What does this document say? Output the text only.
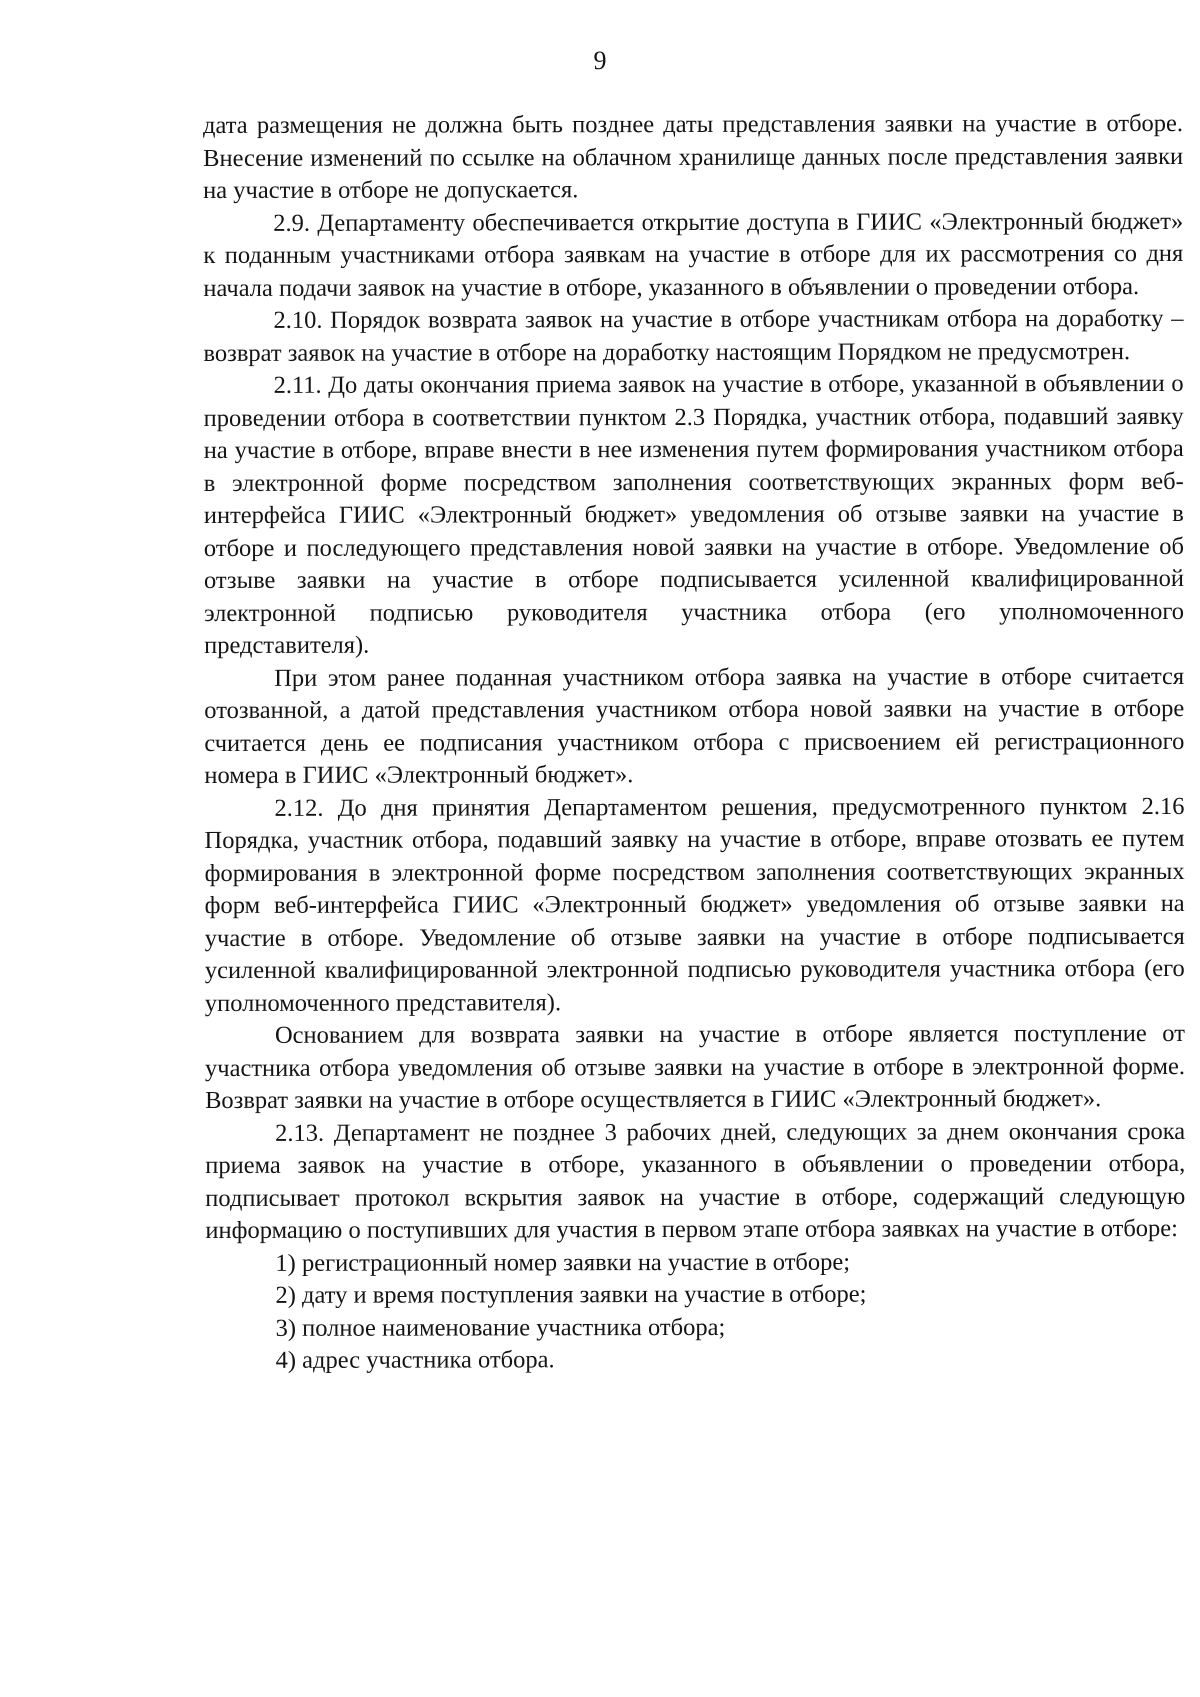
9

дата размещения не должна быть позднее даты представления заявки на участие в отборе. Внесение изменений по ссылке на облачном хранилище данных после представления заявки на участие в отборе не допускается.

2.9. Департаменту обеспечивается открытие доступа в ГИИС «Электронный бюджет» к поданным участниками отбора заявкам на участие в отборе для их рассмотрения со дня начала подачи заявок на участие в отборе, указанного в объявлении о проведении отбора.

2.10. Порядок возврата заявок на участие в отборе участникам отбора на доработку – возврат заявок на участие в отборе на доработку настоящим Порядком не предусмотрен.

2.11. До даты окончания приема заявок на участие в отборе, указанной в объявлении о проведении отбора в соответствии пунктом 2.3 Порядка, участник отбора, подавший заявку на участие в отборе, вправе внести в нее изменения путем формирования участником отбора в электронной форме посредством заполнения соответствующих экранных форм веб-интерфейса ГИИС «Электронный бюджет» уведомления об отзыве заявки на участие в отборе и последующего представления новой заявки на участие в отборе. Уведомление об отзыве заявки на участие в отборе подписывается усиленной квалифицированной электронной подписью руководителя участника отбора (его уполномоченного представителя).

При этом ранее поданная участником отбора заявка на участие в отборе считается отозванной, а датой представления участником отбора новой заявки на участие в отборе считается день ее подписания участником отбора с присвоением ей регистрационного номера в ГИИС «Электронный бюджет».

2.12. До дня принятия Департаментом решения, предусмотренного пунктом 2.16 Порядка, участник отбора, подавший заявку на участие в отборе, вправе отозвать ее путем формирования в электронной форме посредством заполнения соответствующих экранных форм веб-интерфейса ГИИС «Электронный бюджет» уведомления об отзыве заявки на участие в отборе. Уведомление об отзыве заявки на участие в отборе подписывается усиленной квалифицированной электронной подписью руководителя участника отбора (его уполномоченного представителя).

Основанием для возврата заявки на участие в отборе является поступление от участника отбора уведомления об отзыве заявки на участие в отборе в электронной форме. Возврат заявки на участие в отборе осуществляется в ГИИС «Электронный бюджет».

2.13. Департамент не позднее 3 рабочих дней, следующих за днем окончания срока приема заявок на участие в отборе, указанного в объявлении о проведении отбора, подписывает протокол вскрытия заявок на участие в отборе, содержащий следующую информацию о поступивших для участия в первом этапе отбора заявках на участие в отборе:

1) регистрационный номер заявки на участие в отборе;

2) дату и время поступления заявки на участие в отборе;

3) полное наименование участника отбора;

4) адрес участника отбора.
